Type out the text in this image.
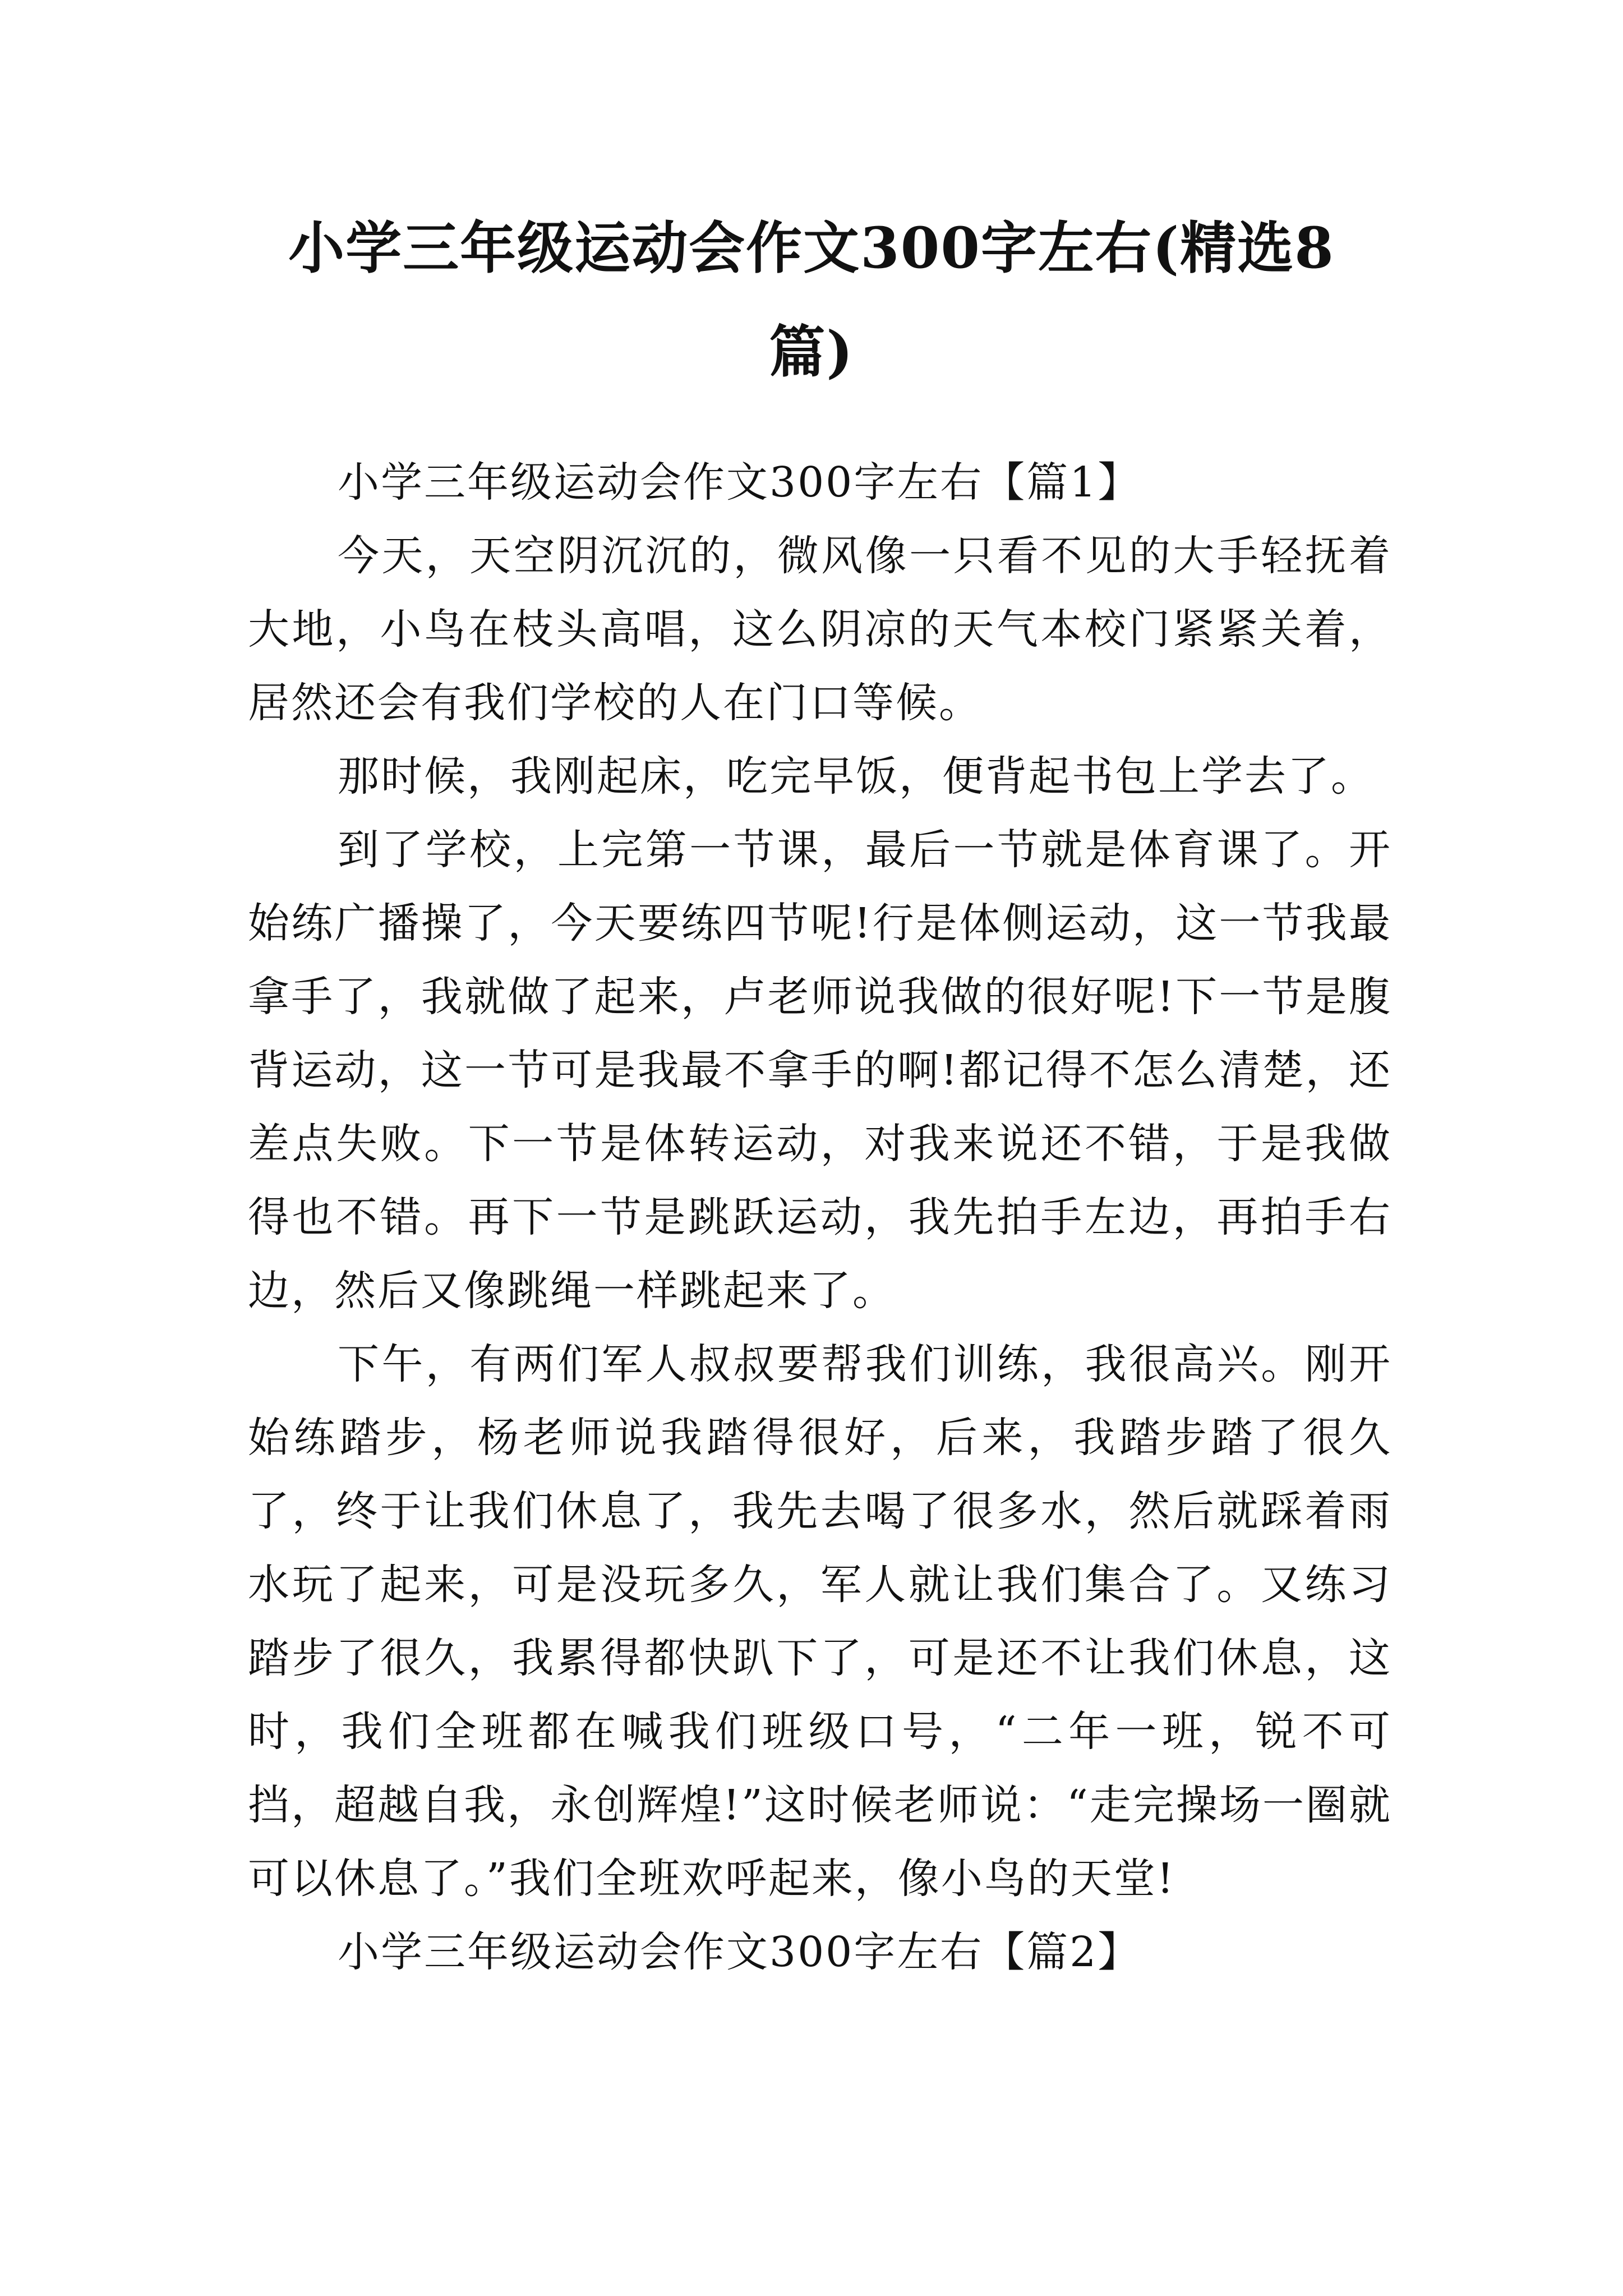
小学三年级运动会作文300字左右(精选8
篇)

小学三年级运动会作文300字左右【篇1】

今天，天空阴沉沉的，微风像一只看不见的大手轻抚着大地，小鸟在枝头高唱，这么阴凉的天气本校门紧紧关着，居然还会有我们学校的人在门口等候。

那时候，我刚起床，吃完早饭，便背起书包上学去了。

到了学校，上完第一节课，最后一节就是体育课了。开始练广播操了，今天要练四节呢!行是体侧运动，这一节我最拿手了，我就做了起来，卢老师说我做的很好呢!下一节是腹背运动，这一节可是我最不拿手的啊!都记得不怎么清楚，还差点失败。下一节是体转运动，对我来说还不错，于是我做得也不错。再下一节是跳跃运动，我先拍手左边，再拍手右边，然后又像跳绳一样跳起来了。

下午，有两们军人叔叔要帮我们训练，我很高兴。刚开始练踏步，杨老师说我踏得很好，后来，我踏步踏了很久了，终于让我们休息了，我先去喝了很多水，然后就踩着雨水玩了起来，可是没玩多久，军人就让我们集合了。又练习踏步了很久，我累得都快趴下了，可是还不让我们休息，这时，我们全班都在喊我们班级口号，“二年一班，锐不可挡，超越自我，永创辉煌!”这时候老师说：“走完操场一圈就可以休息了。”我们全班欢呼起来，像小鸟的天堂!

小学三年级运动会作文300字左右【篇2】
